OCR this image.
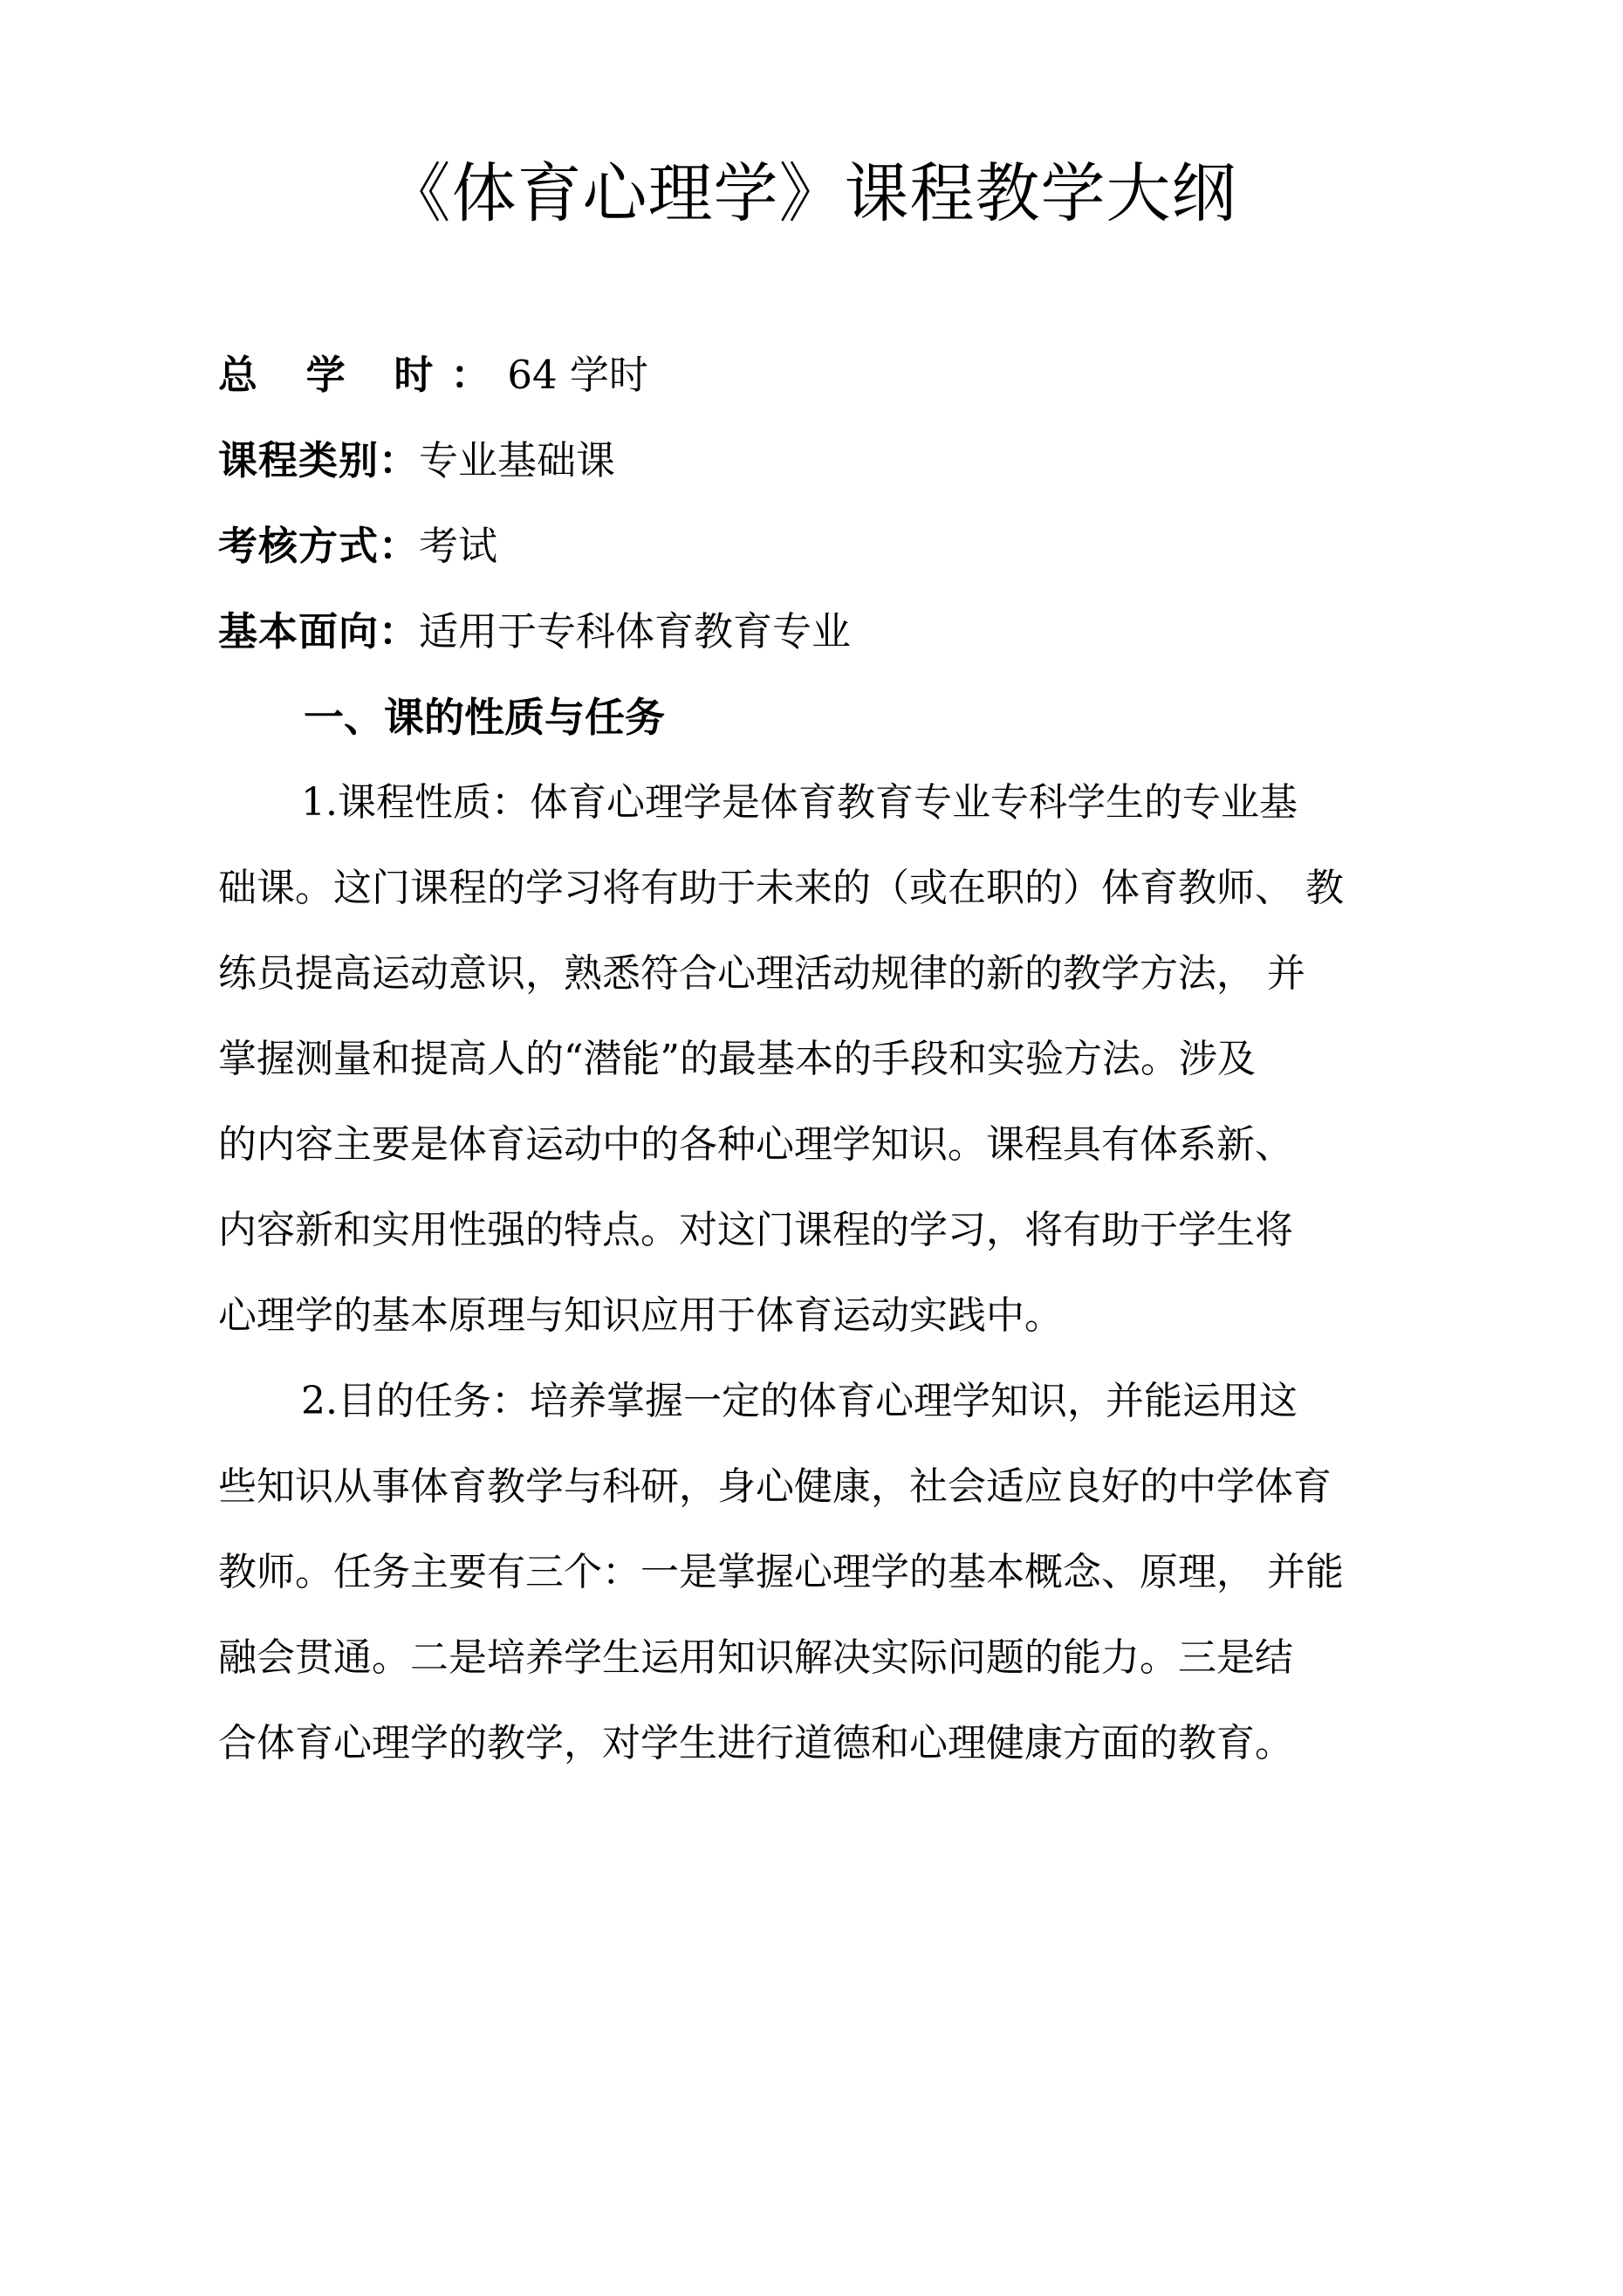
《体育心理学》课程教学大纲
总 学 时：64 学时
课程类别：专业基础课
考核方式：考试
基本面向：适用于专科体育教育专业
一、课的性质与任务
1.课程性质：体育心理学是体育教育专业专科学生的专业基
础课。这门课程的学习将有助于未来的（或在职的）体育教师、 教
练员提高运动意识，熟悉符合心理活动规律的新的教学方法， 并
掌握测量和提高人的“潜能”的最基本的手段和实验方法。涉及
的内容主要是体育运动中的各种心理学知识。课程具有体系新、
内容新和实用性强的特点。对这门课程的学习，将有助于学生将
心理学的基本原理与知识应用于体育运动实践中。
2.目的任务：培养掌握一定的体育心理学知识，并能运用这
些知识从事体育教学与科研，身心健康，社会适应良好的中学体育
教师。任务主要有三个：一是掌握心理学的基本概念、原理， 并能
融会贯通。二是培养学生运用知识解决实际问题的能力。三是结
合体育心理学的教学，对学生进行道德和心理健康方面的教育。
